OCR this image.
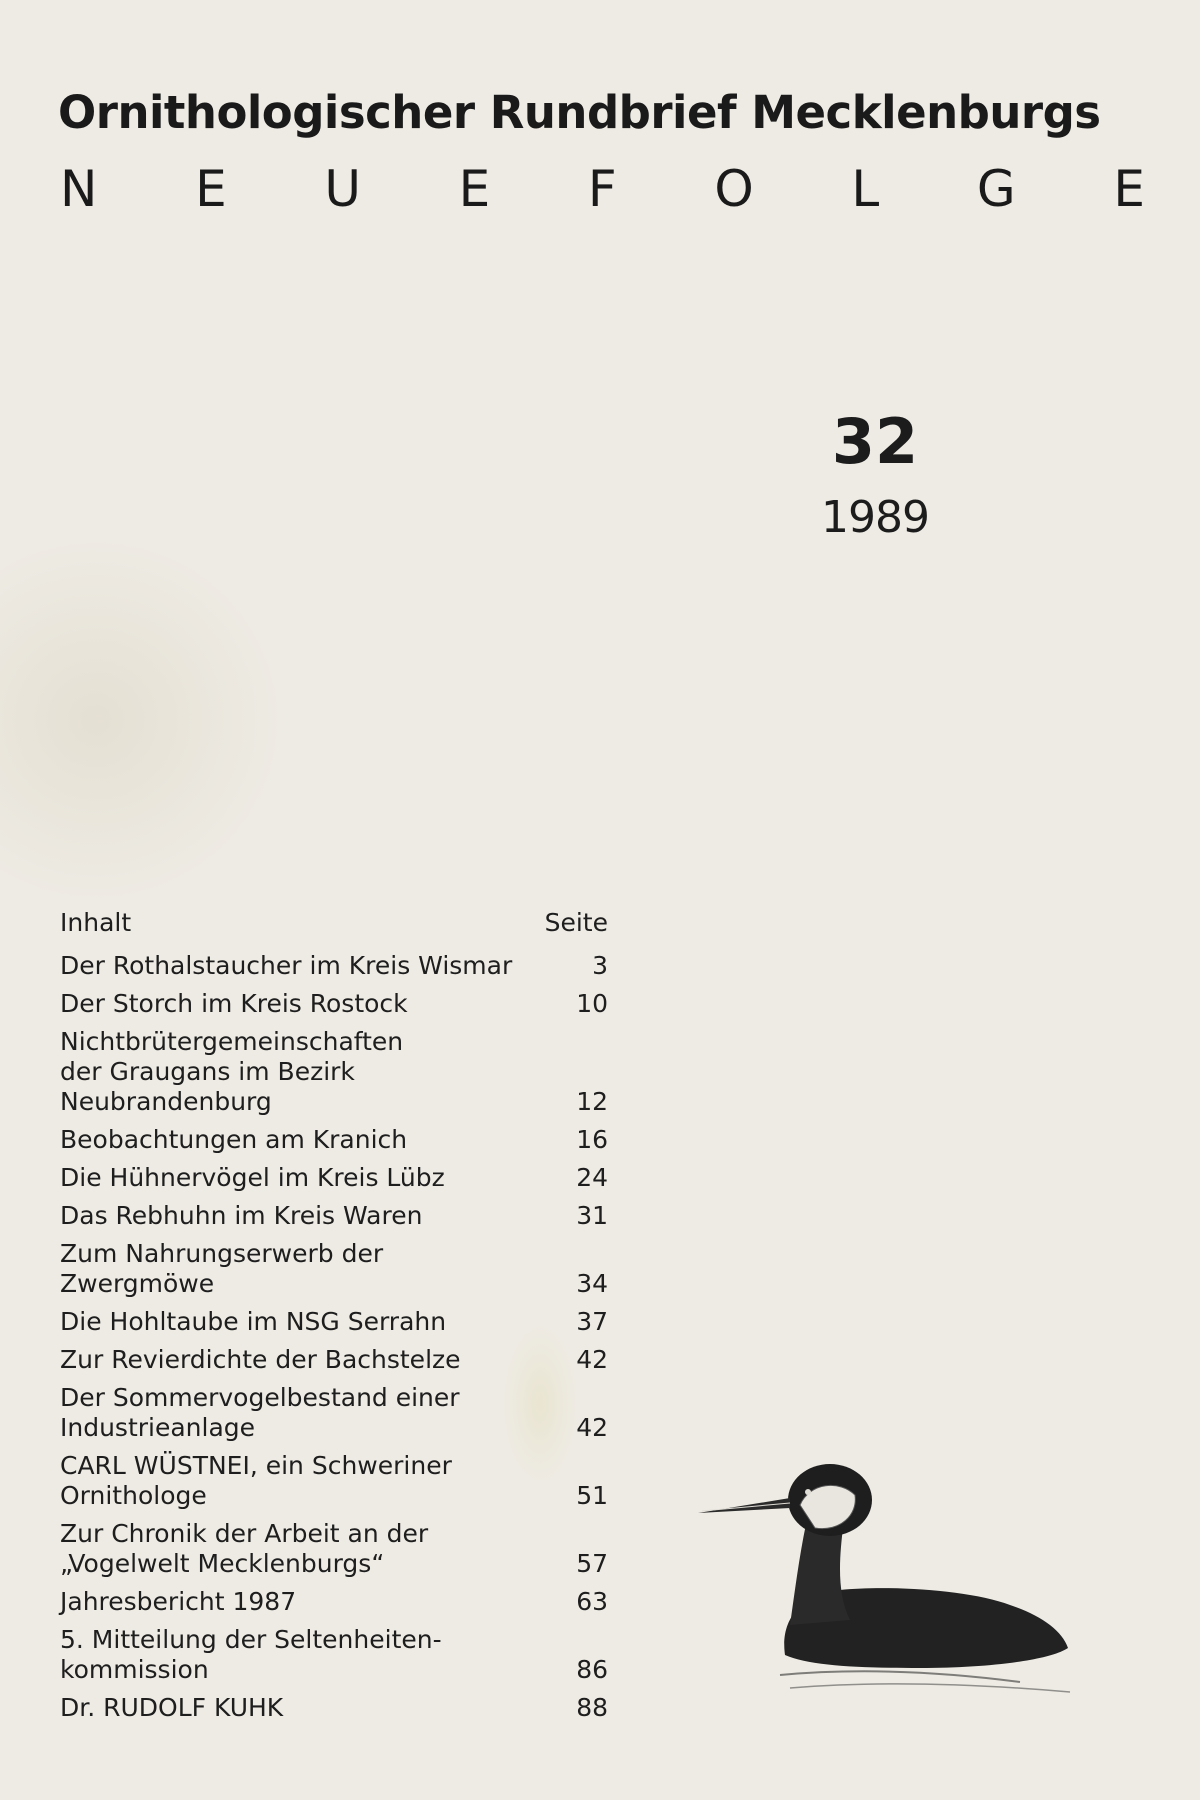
Ornithologischer Rundbrief Mecklenburgs
N E U E F O L G E
32
1989
Inhalt	Seite
Der Rothalstaucher im Kreis Wismar	3
Der Storch im Kreis Rostock	10
Nichtbrütergemeinschaften
der Graugans im Bezirk
Neubrandenburg	12
Beobachtungen am Kranich	16
Die Hühnervögel im Kreis Lübz	24
Das Rebhuhn im Kreis Waren	31
Zum Nahrungserwerb der
Zwergmöwe	34
Die Hohltaube im NSG Serrahn	37
Zur Revierdichte der Bachstelze	42
Der Sommervogelbestand einer
Industrieanlage	42
CARL WÜSTNEI, ein Schweriner
Ornithologe	51
Zur Chronik der Arbeit an der
„Vogelwelt Mecklenburgs“	57
Jahresbericht 1987	63
5. Mitteilung der Seltenheiten-
kommission	86
Dr. RUDOLF KUHK	88
